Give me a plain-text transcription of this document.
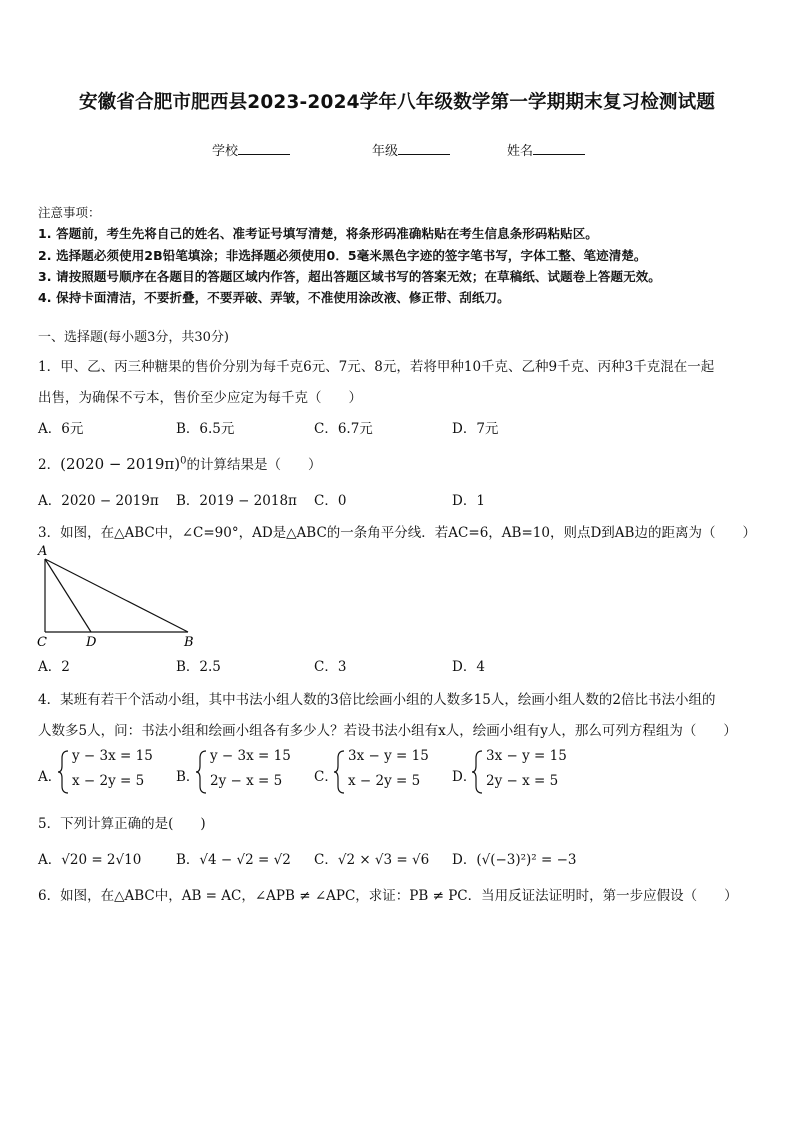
安徽省合肥市肥西县2023-2024学年八年级数学第一学期期末复习检测试题
学校	年级	姓名
注意事项：
1. 答题前，考生先将自己的姓名、准考证号填写清楚，将条形码准确粘贴在考生信息条形码粘贴区。
2. 选择题必须使用2B铅笔填涂；非选择题必须使用0．5毫米黑色字迹的签字笔书写，字体工整、笔迹清楚。
3. 请按照题号顺序在各题目的答题区域内作答，超出答题区域书写的答案无效；在草稿纸、试题卷上答题无效。
4. 保持卡面清洁，不要折叠，不要弄破、弄皱，不准使用涂改液、修正带、刮纸刀。
一、选择题(每小题3分，共30分)
1．甲、乙、丙三种糖果的售价分别为每千克6元、7元、8元，若将甲种10千克、乙种9千克、丙种3千克混在一起
出售，为确保不亏本，售价至少应定为每千克（　　）
A．6元	B．6.5元	C．6.7元	D．7元
2．$(2020 - 2019\pi)^0$的计算结果是（　　）
A．2020 − 2019π B．2019 − 2018π C．0	D．1
3．如图，在△ABC中，∠C=90°，AD是△ABC的一条角平分线．若AC=6，AB=10，则点D到AB边的距离为（　　）
A
C	D	B
A．2	B．2.5	C．3	D．4
4．某班有若干个活动小组，其中书法小组人数的3倍比绘画小组的人数多15人，绘画小组人数的2倍比书法小组的
人数多5人，问：书法小组和绘画小组各有多少人？若设书法小组有x人，绘画小组有y人，那么可列方程组为（　　）
A．
y − 3x = 15
x − 2y = 5 B．
y − 3x = 15
2y − x = 5 C．
3x − y = 15
x − 2y = 5 D．
3x − y = 15
2y − x = 5
5．下列计算正确的是(　　)
A．√20 = 2√10	B．√4 − √2 = √2 C．√2 × √3 = √6 D．(√(−3)²)² = −3
6．如图，在△ABC中，AB = AC，∠APB ≠ ∠APC，求证：PB ≠ PC．当用反证法证明时，第一步应假设（　　）
